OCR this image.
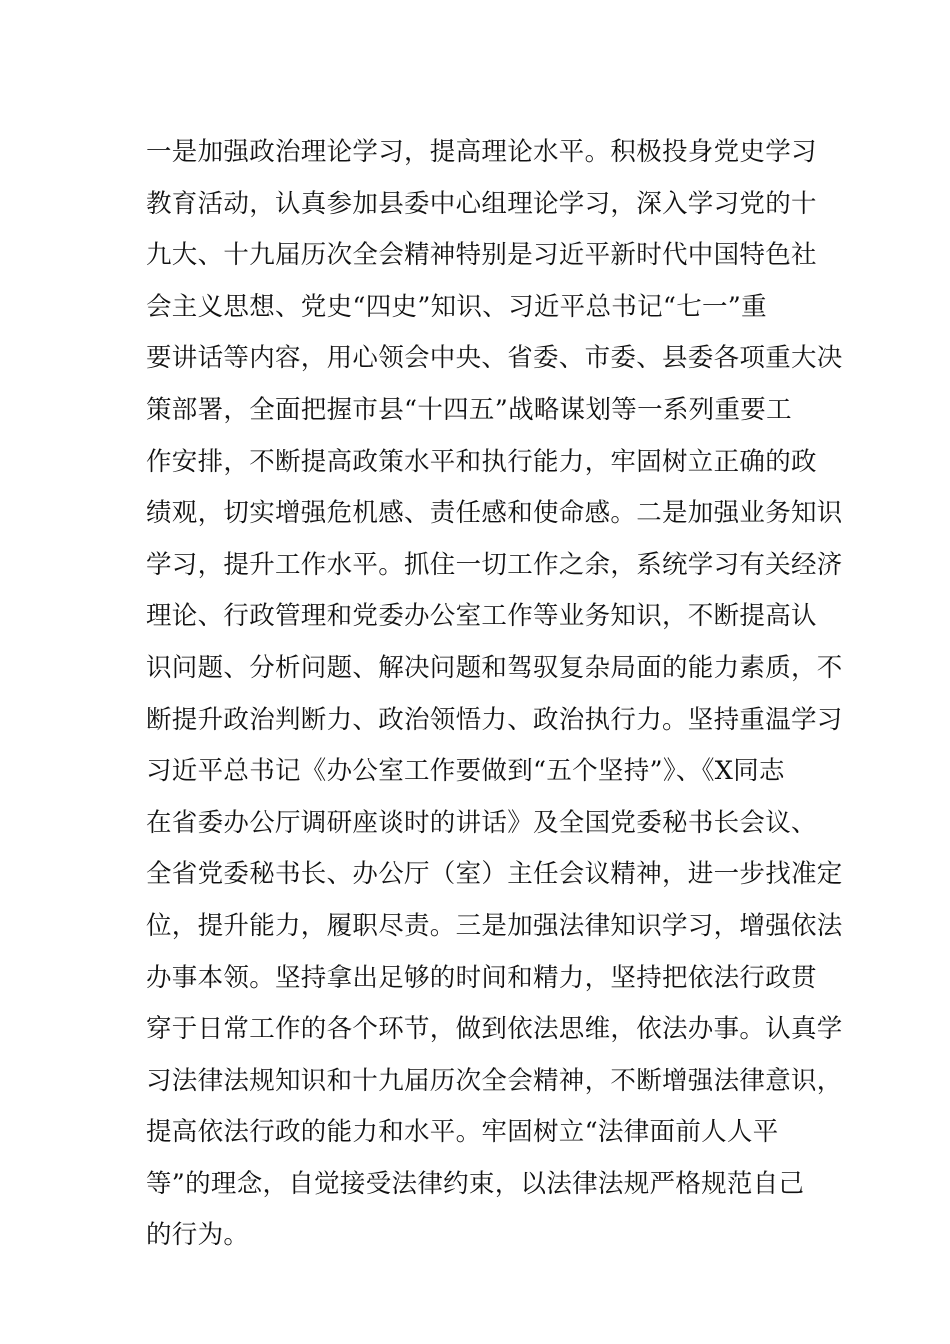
一是加强政治理论学习，提高理论水平。积极投身党史学习
教育活动，认真参加县委中心组理论学习，深入学习党的十
九大、十九届历次全会精神特别是习近平新时代中国特色社
会主义思想、党史“四史”知识、习近平总书记“七一”重
要讲话等内容，用心领会中央、省委、市委、县委各项重大决
策部署，全面把握市县“十四五”战略谋划等一系列重要工
作安排，不断提高政策水平和执行能力，牢固树立正确的政
绩观，切实增强危机感、责任感和使命感。二是加强业务知识
学习，提升工作水平。抓住一切工作之余，系统学习有关经济
理论、行政管理和党委办公室工作等业务知识，不断提高认
识问题、分析问题、解决问题和驾驭复杂局面的能力素质，不
断提升政治判断力、政治领悟力、政治执行力。坚持重温学习
习近平总书记《办公室工作要做到“五个坚持”》、《X同志
在省委办公厅调研座谈时的讲话》及全国党委秘书长会议、
全省党委秘书长、办公厅（室）主任会议精神，进一步找准定
位，提升能力，履职尽责。三是加强法律知识学习，增强依法
办事本领。坚持拿出足够的时间和精力，坚持把依法行政贯
穿于日常工作的各个环节，做到依法思维，依法办事。认真学
习法律法规知识和十九届历次全会精神，不断增强法律意识，
提高依法行政的能力和水平。牢固树立“法律面前人人平
等”的理念，自觉接受法律约束，以法律法规严格规范自己
的行为。
